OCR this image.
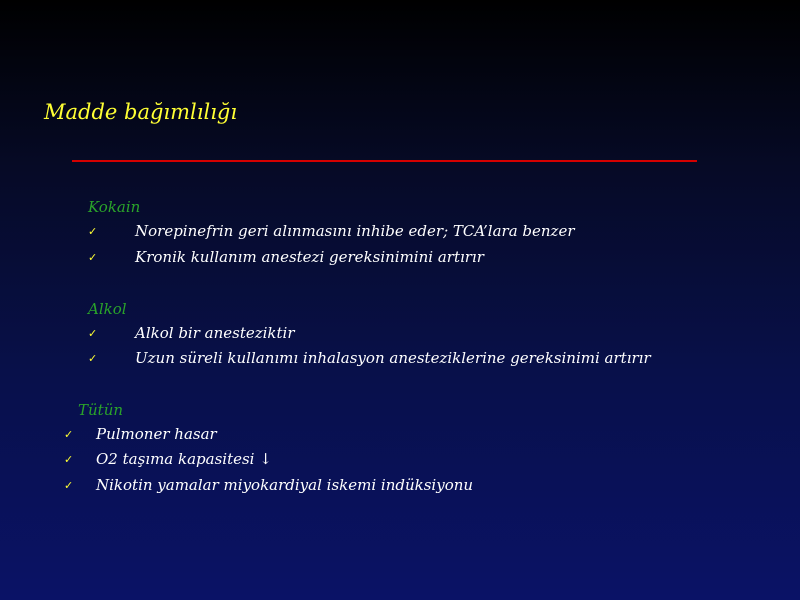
Madde bağımlılığı
Kokain
✓	Norepinefrin geri alınmasını inhibe eder; TCA’lara benzer
✓	Kronik kullanım anestezi gereksinimini artırır
Alkol
✓	Alkol bir anesteziktir
✓	Uzun süreli kullanımı inhalasyon anesteziklerine gereksinimi artırır
Tütün
✓ Pulmoner hasar
✓ O2 taşıma kapasitesi ↓
✓ Nikotin yamalar miyokardiyal iskemi indüksiyonu
